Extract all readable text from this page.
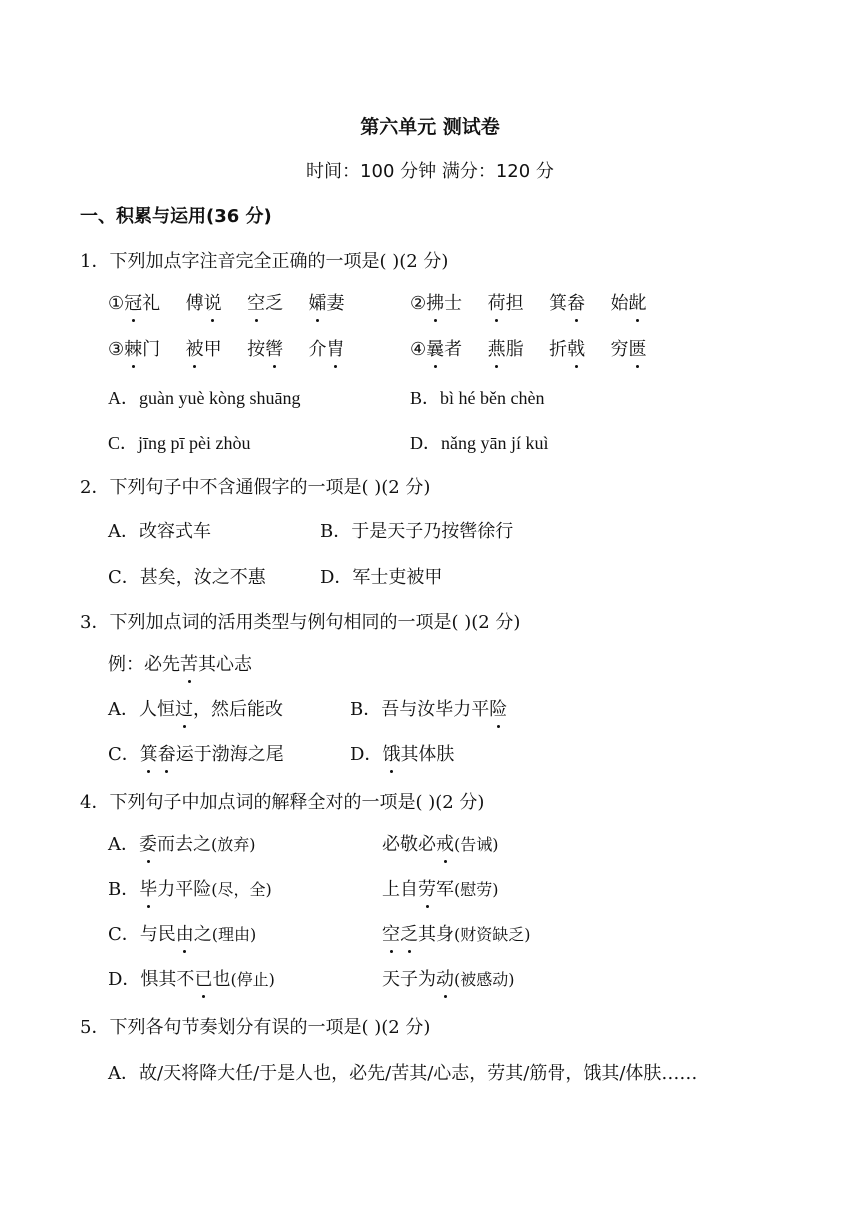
第六单元 测试卷
时间：100 分钟 满分：120 分
一、积累与运用(36 分)
1．下列加点字注音完全正确的一项是( )(2 分)
①冠礼 傅说 空乏 孀妻	②拂士 荷担 箕畚 始龀
③棘门 被甲 按辔 介胄	④曩者 燕脂 折戟 穷匮
A．guàn yuè kòng shuāng	B．bì hé běn chèn
C．jīng pī pèi zhòu	D．nǎng yān jí kuì
2．下列句子中不含通假字的一项是( )(2 分)
A．改容式车	B．于是天子乃按辔徐行
C．甚矣，汝之不惠	D．军士吏被甲
3．下列加点词的活用类型与例句相同的一项是( )(2 分)
例：必先苦其心志
A．人恒过，然后能改	B．吾与汝毕力平险
C．箕畚运于渤海之尾	D．饿其体肤
4．下列句子中加点词的解释全对的一项是( )(2 分)
A．委而去之(放弃)	必敬必戒(告诫)
B．毕力平险(尽，全)	上自劳军(慰劳)
C．与民由之(理由)	空乏其身(财资缺乏)
D．惧其不已也(停止)	天子为动(被感动)
5．下列各句节奏划分有误的一项是( )(2 分)
A．故/天将降大任/于是人也，必先/苦其/心志，劳其/筋骨，饿其/体肤……
